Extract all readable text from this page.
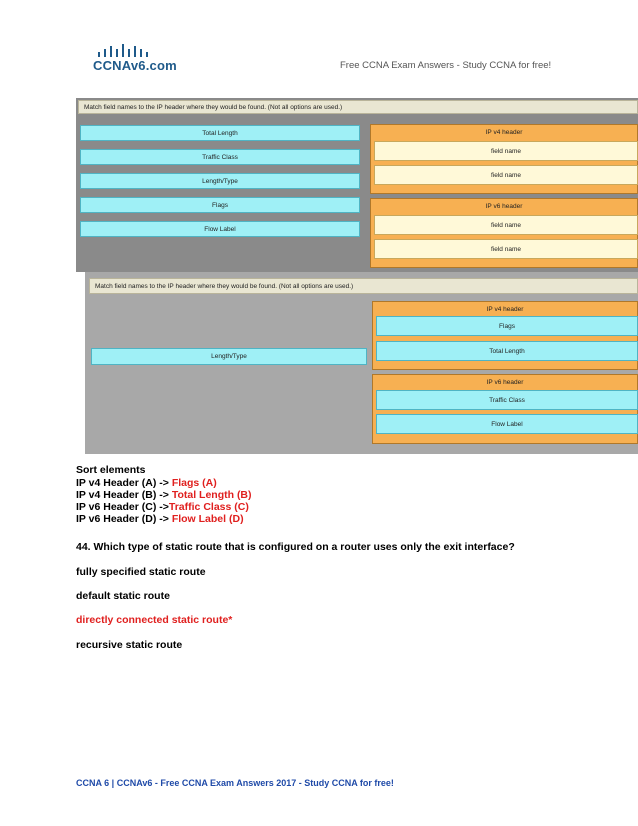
CCNAv6.com	Free CCNA Exam Answers - Study CCNA for free!
Match field names to the IP header where they would be found. (Not all options are used.)
Total Length
Traffic Class
Length/Type
Flags
Flow Label
IP v4 header
field name
field name
IP v6 header
field name
field name
Match field names to the IP header where they would be found. (Not all options are used.)
Length/Type
IP v4 header
Flags
Total Length
IP v6 header
Traffic Class
Flow Label
Sort elements
IP v4 Header (A) -> Flags (A)
IP v4 Header (B) -> Total Length (B)
IP v6 Header (C) ->Traffic Class (C)
IP v6 Header (D) -> Flow Label (D)
44. Which type of static route that is configured on a router uses only the exit interface?
fully specified static route
default static route
directly connected static route*
recursive static route
CCNA 6 | CCNAv6 - Free CCNA Exam Answers 2017 - Study CCNA for free!
